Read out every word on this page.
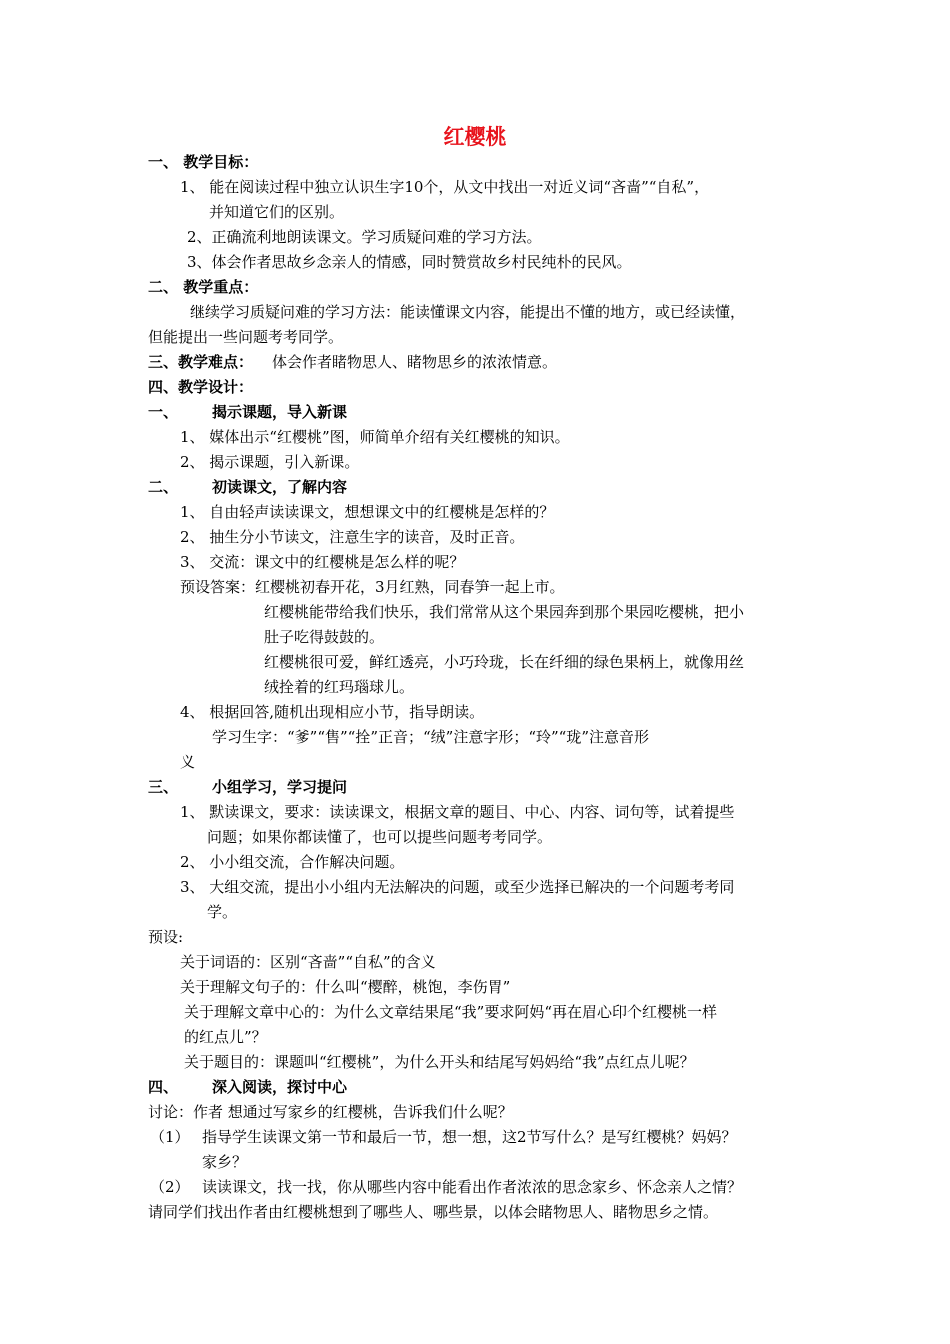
红樱桃
一、 教学目标：
1、 能在阅读过程中独立认识生字10个，从文中找出一对近义词“吝啬”“自私”，
并知道它们的区别。
2、正确流利地朗读课文。学习质疑问难的学习方法。
3、体会作者思故乡念亲人的情感，同时赞赏故乡村民纯朴的民风。
二、 教学重点：
继续学习质疑问难的学习方法：能读懂课文内容，能提出不懂的地方，或已经读懂，
但能提出一些问题考考同学。
三、教学难点： 体会作者睹物思人、睹物思乡的浓浓情意。
四、教学设计：
一、 揭示课题，导入新课
1、 媒体出示“红樱桃”图，师简单介绍有关红樱桃的知识。
2、 揭示课题，引入新课。
二、 初读课文，了解内容
1、 自由轻声读读课文，想想课文中的红樱桃是怎样的？
2、 抽生分小节读文，注意生字的读音，及时正音。
3、 交流：课文中的红樱桃是怎么样的呢？
预设答案：红樱桃初春开花，3月红熟，同春笋一起上市。
红樱桃能带给我们快乐，我们常常从这个果园奔到那个果园吃樱桃，把小
肚子吃得鼓鼓的。
红樱桃很可爱，鲜红透亮，小巧玲珑，长在纤细的绿色果柄上，就像用丝
绒拴着的红玛瑙球儿。
4、 根据回答,随机出现相应小节，指导朗读。
学习生字：“爹”“售”“拴”正音；“绒”注意字形；“玲”“珑”注意音形
义
三、 小组学习，学习提问
1、 默读课文，要求：读读课文，根据文章的题目、中心、内容、词句等，试着提些
问题；如果你都读懂了，也可以提些问题考考同学。
2、 小小组交流，合作解决问题。
3、 大组交流，提出小小组内无法解决的问题，或至少选择已解决的一个问题考考同
学。
预设:
关于词语的：区别“吝啬”“自私”的含义
关于理解文句子的：什么叫“樱醉，桃饱，李伤胃”
关于理解文章中心的：为什么文章结果尾“我”要求阿妈“再在眉心印个红樱桃一样
的红点儿”？
关于题目的：课题叫“红樱桃”，为什么开头和结尾写妈妈给“我”点红点儿呢？
四、 深入阅读，探讨中心
讨论：作者 想通过写家乡的红樱桃，告诉我们什么呢？
（1） 指导学生读课文第一节和最后一节，想一想，这2节写什么？是写红樱桃？妈妈？
家乡？
（2） 读读课文，找一找，你从哪些内容中能看出作者浓浓的思念家乡、怀念亲人之情？
请同学们找出作者由红樱桃想到了哪些人、哪些景，以体会睹物思人、睹物思乡之情。
